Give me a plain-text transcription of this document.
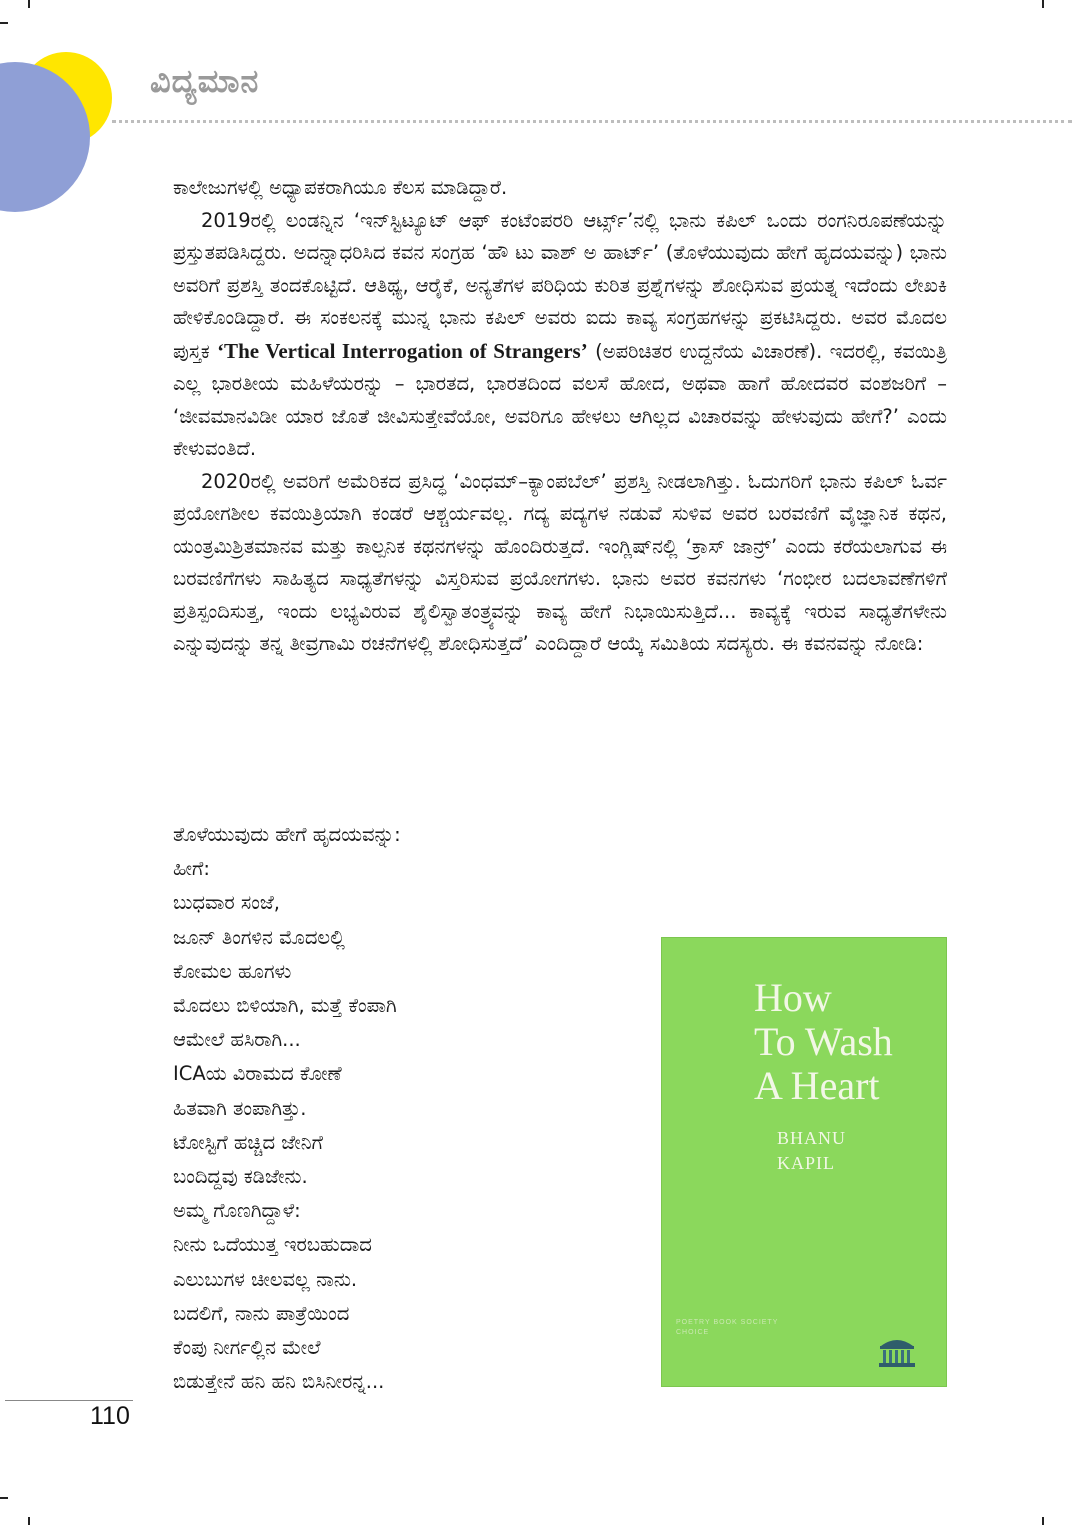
ವಿದ್ಯಮಾನ

ಕಾಲೇಜುಗಳಲ್ಲಿ ಅಧ್ಯಾಪಕರಾಗಿಯೂ ಕೆಲಸ ಮಾಡಿದ್ದಾರೆ.

2019ರಲ್ಲಿ ಲಂಡನ್ನಿನ ‘ಇನ್‌ಸ್ಟಿಟ್ಯೂಟ್ ಆಫ್ ಕಂಟೆಂಪರರಿ ಆರ್ಟ್ಸ್’ನಲ್ಲಿ ಭಾನು ಕಪಿಲ್ ಒಂದು ರಂಗನಿರೂಪಣೆಯನ್ನು ಪ್ರಸ್ತುತಪಡಿಸಿದ್ದರು. ಅದನ್ನಾಧರಿಸಿದ ಕವನ ಸಂಗ್ರಹ ‘ಹೌ ಟು ವಾಶ್ ಅ ಹಾರ್ಟ್’ (ತೊಳೆಯುವುದು ಹೇಗೆ ಹೃದಯವನ್ನು) ಭಾನು ಅವರಿಗೆ ಪ್ರಶಸ್ತಿ ತಂದಕೊಟ್ಟಿದೆ. ಆತಿಥ್ಯ, ಆರೈಕೆ, ಅನ್ಯತೆಗಳ ಪರಿಧಿಯ ಕುರಿತ ಪ್ರಶ್ನೆಗಳನ್ನು ಶೋಧಿಸುವ ಪ್ರಯತ್ನ ಇದೆಂದು ಲೇಖಕಿ ಹೇಳಿಕೊಂಡಿದ್ದಾರೆ. ಈ ಸಂಕಲನಕ್ಕೆ ಮುನ್ನ ಭಾನು ಕಪಿಲ್ ಅವರು ಐದು ಕಾವ್ಯ ಸಂಗ್ರಹಗಳನ್ನು ಪ್ರಕಟಿಸಿದ್ದರು. ಅವರ ಮೊದಲ ಪುಸ್ತಕ ‘The Vertical Interrogation of Strangers’ (ಅಪರಿಚಿತರ ಉದ್ದನೆಯ ವಿಚಾರಣೆ). ಇದರಲ್ಲಿ, ಕವಯಿತ್ರಿ ಎಲ್ಲ ಭಾರತೀಯ ಮಹಿಳೆಯರನ್ನು – ಭಾರತದ, ಭಾರತದಿಂದ ವಲಸೆ ಹೋದ, ಅಥವಾ ಹಾಗೆ ಹೋದವರ ವಂಶಜರಿಗೆ – ‘ಜೀವಮಾನವಿಡೀ ಯಾರ ಜೊತೆ ಜೀವಿಸುತ್ತೇವೆಯೋ, ಅವರಿಗೂ ಹೇಳಲು ಆಗಿಲ್ಲದ ವಿಚಾರವನ್ನು ಹೇಳುವುದು ಹೇಗೆ?’ ಎಂದು ಕೇಳುವಂತಿದೆ.

2020ರಲ್ಲಿ ಅವರಿಗೆ ಅಮೆರಿಕದ ಪ್ರಸಿದ್ಧ ‘ವಿಂಧಮ್–ಕ್ಯಾಂಪಬೆಲ್’ ಪ್ರಶಸ್ತಿ ನೀಡಲಾಗಿತ್ತು. ಓದುಗರಿಗೆ ಭಾನು ಕಪಿಲ್ ಓರ್ವ ಪ್ರಯೋಗಶೀಲ ಕವಯಿತ್ರಿಯಾಗಿ ಕಂಡರೆ ಆಶ್ಚರ್ಯವಲ್ಲ. ಗದ್ಯ ಪದ್ಯಗಳ ನಡುವೆ ಸುಳಿವ ಅವರ ಬರವಣಿಗೆ ವೈಜ್ಞಾನಿಕ ಕಥನ, ಯಂತ್ರಮಿಶ್ರಿತಮಾನವ ಮತ್ತು ಕಾಲ್ಪನಿಕ ಕಥನಗಳನ್ನು ಹೊಂದಿರುತ್ತದೆ. ಇಂಗ್ಲಿಷ್‌ನಲ್ಲಿ ‘ಕ್ರಾಸ್ ಜಾನ್ರ್’ ಎಂದು ಕರೆಯಲಾಗುವ ಈ ಬರವಣಿಗೆಗಳು ಸಾಹಿತ್ಯದ ಸಾಧ್ಯತೆಗಳನ್ನು ವಿಸ್ತರಿಸುವ ಪ್ರಯೋಗಗಳು. ಭಾನು ಅವರ ಕವನಗಳು ‘ಗಂಭೀರ ಬದಲಾವಣೆಗಳಿಗೆ ಪ್ರತಿಸ್ಪಂದಿಸುತ್ತ, ಇಂದು ಲಭ್ಯವಿರುವ ಶೈಲಿಸ್ವಾತಂತ್ರ್ಯವನ್ನು ಕಾವ್ಯ ಹೇಗೆ ನಿಭಾಯಿಸುತ್ತಿದೆ... ಕಾವ್ಯಕ್ಕೆ ಇರುವ ಸಾಧ್ಯತೆಗಳೇನು ಎನ್ನುವುದನ್ನು ತನ್ನ ತೀವ್ರಗಾಮಿ ರಚನೆಗಳಲ್ಲಿ ಶೋಧಿಸುತ್ತದೆ’ ಎಂದಿದ್ದಾರೆ ಆಯ್ಕೆ ಸಮಿತಿಯ ಸದಸ್ಯರು. ಈ ಕವನವನ್ನು ನೋಡಿ:

ತೊಳೆಯುವುದು ಹೇಗೆ ಹೃದಯವನ್ನು:
ಹೀಗೆ:
ಬುಧವಾರ ಸಂಜೆ,
ಜೂನ್ ತಿಂಗಳಿನ ಮೊದಲಲ್ಲಿ
ಕೋಮಲ ಹೂಗಳು
ಮೊದಲು ಬಿಳಿಯಾಗಿ, ಮತ್ತೆ ಕೆಂಪಾಗಿ
ಆಮೇಲೆ ಹಸಿರಾಗಿ...
ICAಯ ವಿರಾಮದ ಕೋಣೆ
ಹಿತವಾಗಿ ತಂಪಾಗಿತ್ತು.
ಟೋಸ್ಟಿಗೆ ಹಚ್ಚಿದ ಜೇನಿಗೆ
ಬಂದಿದ್ದವು ಕಡಿಜೇನು.
ಅಮ್ಮ ಗೊಣಗಿದ್ದಾಳೆ:
ನೀನು ಒದೆಯುತ್ತ ಇರಬಹುದಾದ
ಎಲುಬುಗಳ ಚೀಲವಲ್ಲ ನಾನು.
ಬದಲಿಗೆ, ನಾನು ಪಾತ್ರೆಯಿಂದ
ಕೆಂಪು ನೀರ್ಗಲ್ಲಿನ ಮೇಲೆ
ಬಿಡುತ್ತೇನೆ ಹನಿ ಹನಿ ಬಿಸಿನೀರನ್ನ...
How
To Wash
A Heart
BHANU
KAPIL
POETRY BOOK SOCIETY
CHOICE
110
